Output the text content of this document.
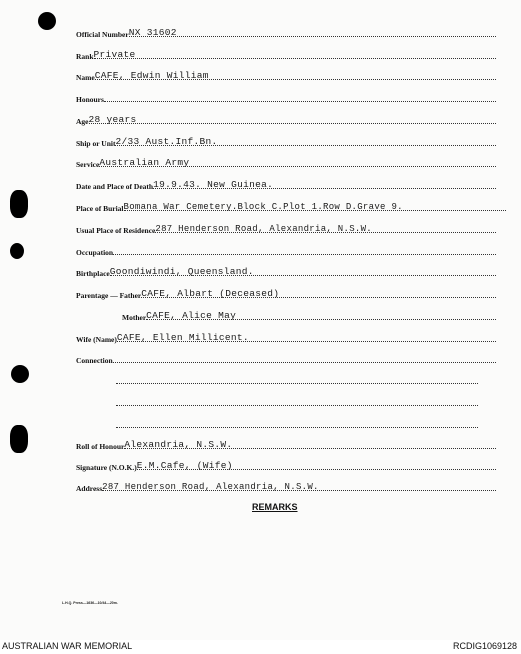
Official Number NX 31602
Rank Private
Name CAFE, Edwin William
Honours
Age 28 years
Ship or Unit 2/33 Aust.Inf.Bn.
Service Australian Army
Date and Place of Death 19.9.43. New Guinea.
Place of Burial Bomana War Cemetery.Block C.Plot 1.Row D.Grave 9.
Usual Place of Residence 287 Henderson Road, Alexandria, N.S.W.
Occupation
Birthplace Goondiwindi, Queensland.
Parentage — Father CAFE, Albart (Deceased)
Mother CAFE, Alice May
Wife (Name) CAFE, Ellen Millicent.
Connection
Roll of Honour Alexandria, N.S.W.
Signature (N.O.K.) E.M.Cafe, (Wife)
Address 287 Henderson Road, Alexandria, N.S.W.
REMARKS
L.H.Q. Press—1636—10/44—20m.
AUSTRALIAN WAR MEMORIAL	RCDIG1069128
